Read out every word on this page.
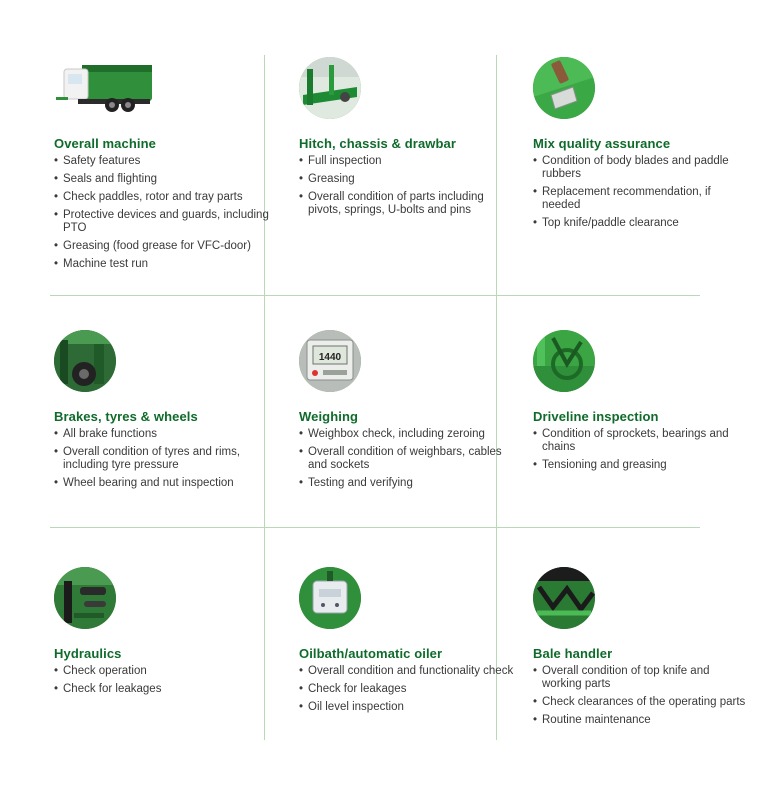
Overall machine
• Safety features
• Seals and flighting
• Check paddles, rotor and tray parts
• Protective devices and guards, including PTO
• Greasing (food grease for VFC-door)
• Machine test run
Hitch, chassis & drawbar
• Full inspection
• Greasing
• Overall condition of parts including pivots, springs, U-bolts and pins
Mix quality assurance
• Condition of body blades and paddle rubbers
• Replacement recommendation, if needed
• Top knife/paddle clearance
Brakes, tyres & wheels
• All brake functions
• Overall condition of tyres and rims, including tyre pressure
• Wheel bearing and nut inspection
1440
Weighing
• Weighbox check, including zeroing
• Overall condition of weighbars, cables and sockets
• Testing and verifying
Driveline inspection
• Condition of sprockets, bearings and chains
• Tensioning and greasing
Hydraulics
• Check operation
• Check for leakages
Oilbath/automatic oiler
• Overall condition and functionality check
• Check for leakages
• Oil level inspection
Bale handler
• Overall condition of top knife and working parts
• Check clearances of the operating parts
• Routine maintenance
